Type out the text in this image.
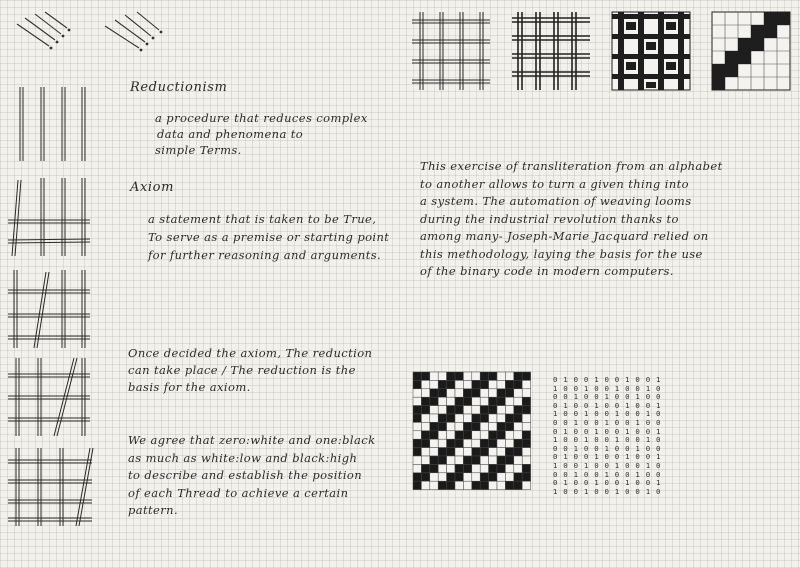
Reductionism
a procedure that reduces complex
data and phenomena to
simple Terms.
Axiom
a statement that is taken to be True,
To serve as a premise or starting point
for further reasoning and arguments.
Once decided the axiom, The reduction
can take place / The reduction is the
basis for the axiom.
We agree that zero:white and one:black
as much as white:low and black:high
to describe and establish the position
of each Thread to achieve a certain
pattern.
This exercise of transliteration from an alphabet
to another allows to turn a given thing into
a system. The automation of weaving looms
during the industrial revolution thanks to
among many- Joseph-Marie Jacquard relied on
this methodology, laying the basis for the use
of the binary code in modern computers.
0 1 0 0 1 0 0 1 0 0 1
1 0 0 1 0 0 1 0 0 1 0
0 0 1 0 0 1 0 0 1 0 0
0 1 0 0 1 0 0 1 0 0 1
1 0 0 1 0 0 1 0 0 1 0
0 0 1 0 0 1 0 0 1 0 0
0 1 0 0 1 0 0 1 0 0 1
1 0 0 1 0 0 1 0 0 1 0
0 0 1 0 0 1 0 0 1 0 0
0 1 0 0 1 0 0 1 0 0 1
1 0 0 1 0 0 1 0 0 1 0
0 0 1 0 0 1 0 0 1 0 0
0 1 0 0 1 0 0 1 0 0 1
1 0 0 1 0 0 1 0 0 1 0
